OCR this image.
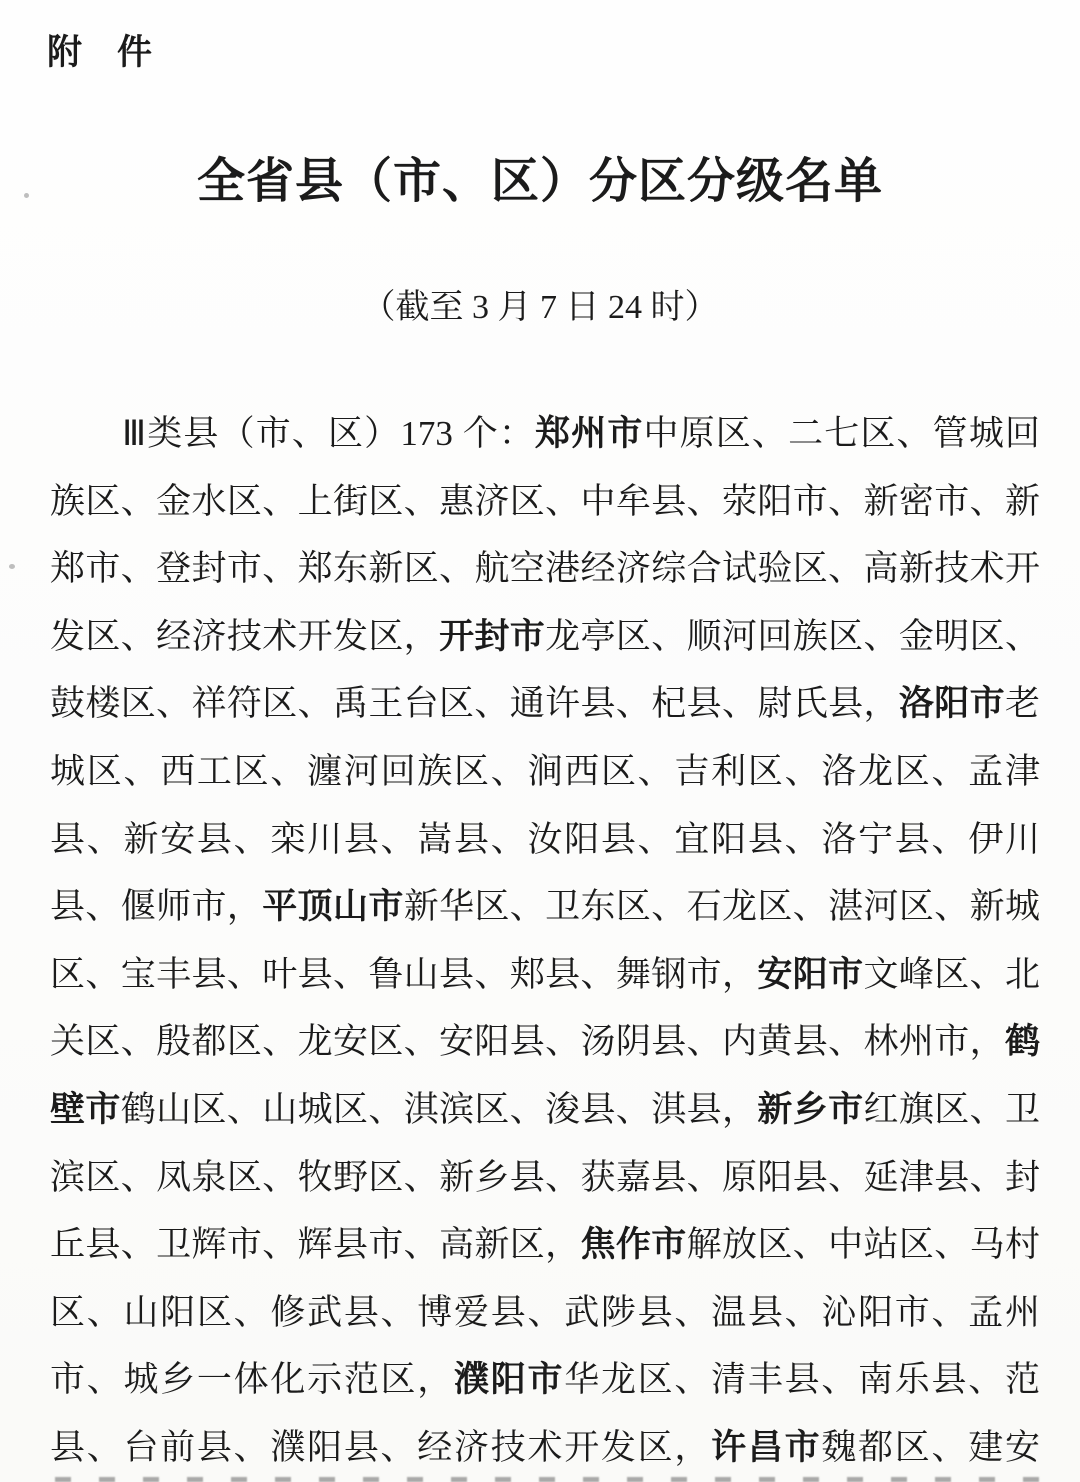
附　件
全省县（市、区）分区分级名单
（截至 3 月 7 日 24 时）
Ⅲ类县（市、区）173 个：郑州市中原区、二七区、管城回
族区、金水区、上街区、惠济区、中牟县、荥阳市、新密市、新
郑市、登封市、郑东新区、航空港经济综合试验区、高新技术开
发区、经济技术开发区，开封市龙亭区、顺河回族区、金明区、
鼓楼区、祥符区、禹王台区、通许县、杞县、尉氏县，洛阳市老
城区、西工区、瀍河回族区、涧西区、吉利区、洛龙区、孟津
县、新安县、栾川县、嵩县、汝阳县、宜阳县、洛宁县、伊川
县、偃师市，平顶山市新华区、卫东区、石龙区、湛河区、新城
区、宝丰县、叶县、鲁山县、郏县、舞钢市，安阳市文峰区、北
关区、殷都区、龙安区、安阳县、汤阴县、内黄县、林州市，鹤
壁市鹤山区、山城区、淇滨区、浚县、淇县，新乡市红旗区、卫
滨区、凤泉区、牧野区、新乡县、获嘉县、原阳县、延津县、封
丘县、卫辉市、辉县市、高新区，焦作市解放区、中站区、马村
区、山阳区、修武县、博爱县、武陟县、温县、沁阳市、孟州
市、城乡一体化示范区，濮阳市华龙区、清丰县、南乐县、范
县、台前县、濮阳县、经济技术开发区，许昌市魏都区、建安
